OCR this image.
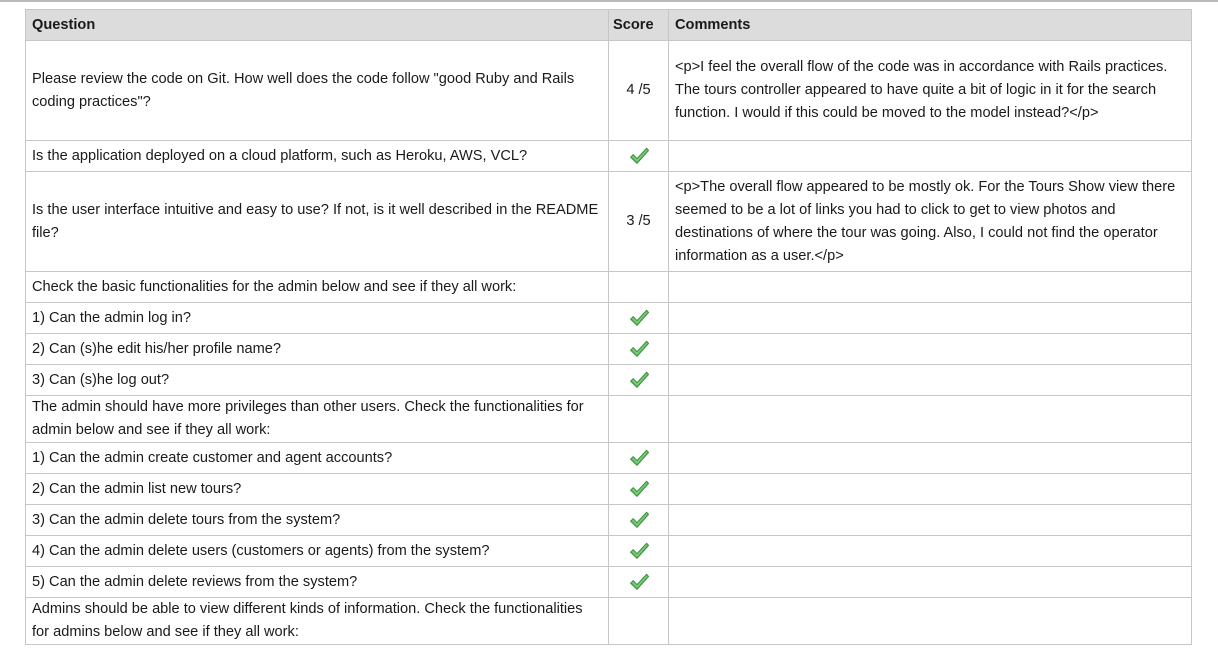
Question	Score	Comments
Please review the code on Git. How well does the code follow "good Ruby and Rails coding practices"?	4 /5	<p>I feel the overall flow of the code was in accordance with Rails practices. The tours controller appeared to have quite a bit of logic in it for the search function. I would if this could be moved to the model instead?</p>
Is the application deployed on a cloud platform, such as Heroku, AWS, VCL?		
Is the user interface intuitive and easy to use? If not, is it well described in the README file?	3 /5	<p>The overall flow appeared to be mostly ok. For the Tours Show view there seemed to be a lot of links you had to click to get to view photos and destinations of where the tour was going. Also, I could not find the operator information as a user.</p>
Check the basic functionalities for the admin below and see if they all work:		
1) Can the admin log in?		
2) Can (s)he edit his/her profile name?		
3) Can (s)he log out?		
The admin should have more privileges than other users. Check the functionalities for admin below and see if they all work:		
1) Can the admin create customer and agent accounts?		
2) Can the admin list new tours?		
3) Can the admin delete tours from the system?		
4) Can the admin delete users (customers or agents) from the system?		
5) Can the admin delete reviews from the system?		
Admins should be able to view different kinds of information. Check the functionalities for admins below and see if they all work:		
